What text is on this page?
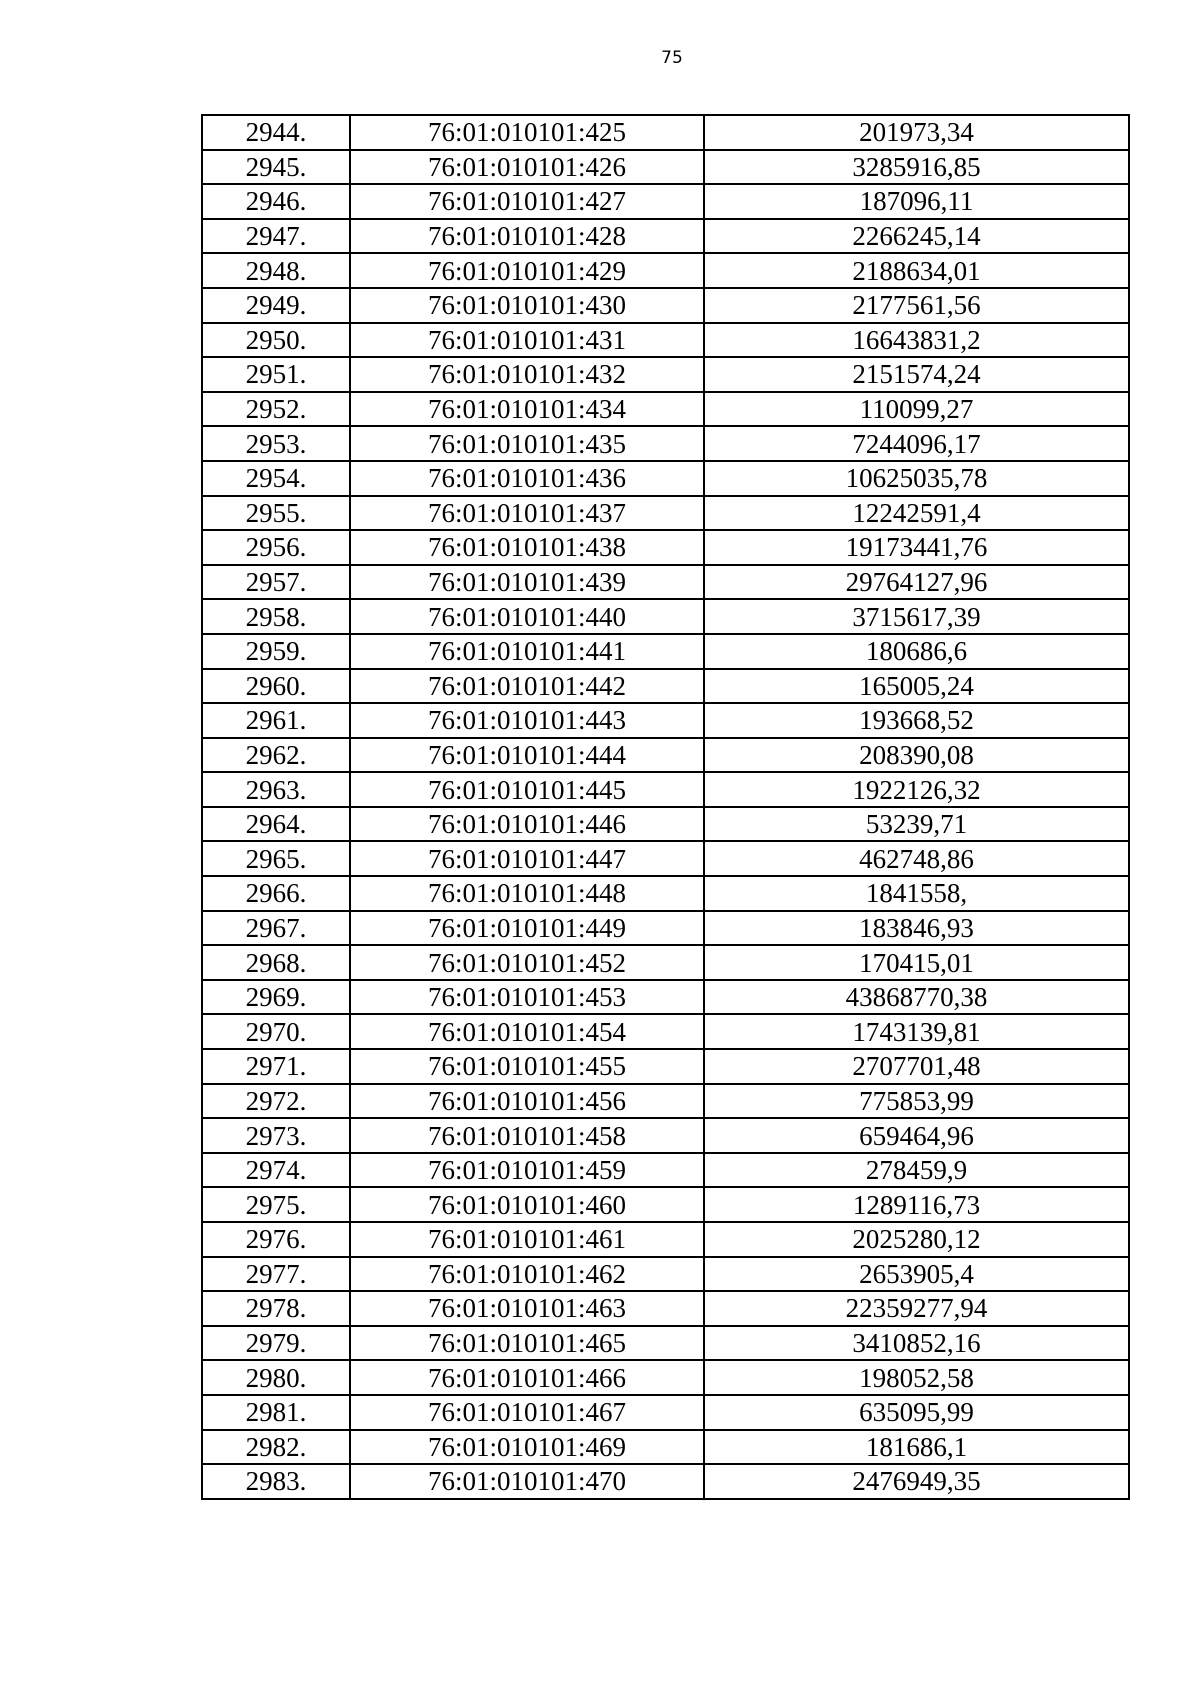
75
2944.	76:01:010101:425	201973,34
2945.	76:01:010101:426	3285916,85
2946.	76:01:010101:427	187096,11
2947.	76:01:010101:428	2266245,14
2948.	76:01:010101:429	2188634,01
2949.	76:01:010101:430	2177561,56
2950.	76:01:010101:431	16643831,2
2951.	76:01:010101:432	2151574,24
2952.	76:01:010101:434	110099,27
2953.	76:01:010101:435	7244096,17
2954.	76:01:010101:436	10625035,78
2955.	76:01:010101:437	12242591,4
2956.	76:01:010101:438	19173441,76
2957.	76:01:010101:439	29764127,96
2958.	76:01:010101:440	3715617,39
2959.	76:01:010101:441	180686,6
2960.	76:01:010101:442	165005,24
2961.	76:01:010101:443	193668,52
2962.	76:01:010101:444	208390,08
2963.	76:01:010101:445	1922126,32
2964.	76:01:010101:446	53239,71
2965.	76:01:010101:447	462748,86
2966.	76:01:010101:448	1841558,
2967.	76:01:010101:449	183846,93
2968.	76:01:010101:452	170415,01
2969.	76:01:010101:453	43868770,38
2970.	76:01:010101:454	1743139,81
2971.	76:01:010101:455	2707701,48
2972.	76:01:010101:456	775853,99
2973.	76:01:010101:458	659464,96
2974.	76:01:010101:459	278459,9
2975.	76:01:010101:460	1289116,73
2976.	76:01:010101:461	2025280,12
2977.	76:01:010101:462	2653905,4
2978.	76:01:010101:463	22359277,94
2979.	76:01:010101:465	3410852,16
2980.	76:01:010101:466	198052,58
2981.	76:01:010101:467	635095,99
2982.	76:01:010101:469	181686,1
2983.	76:01:010101:470	2476949,35
